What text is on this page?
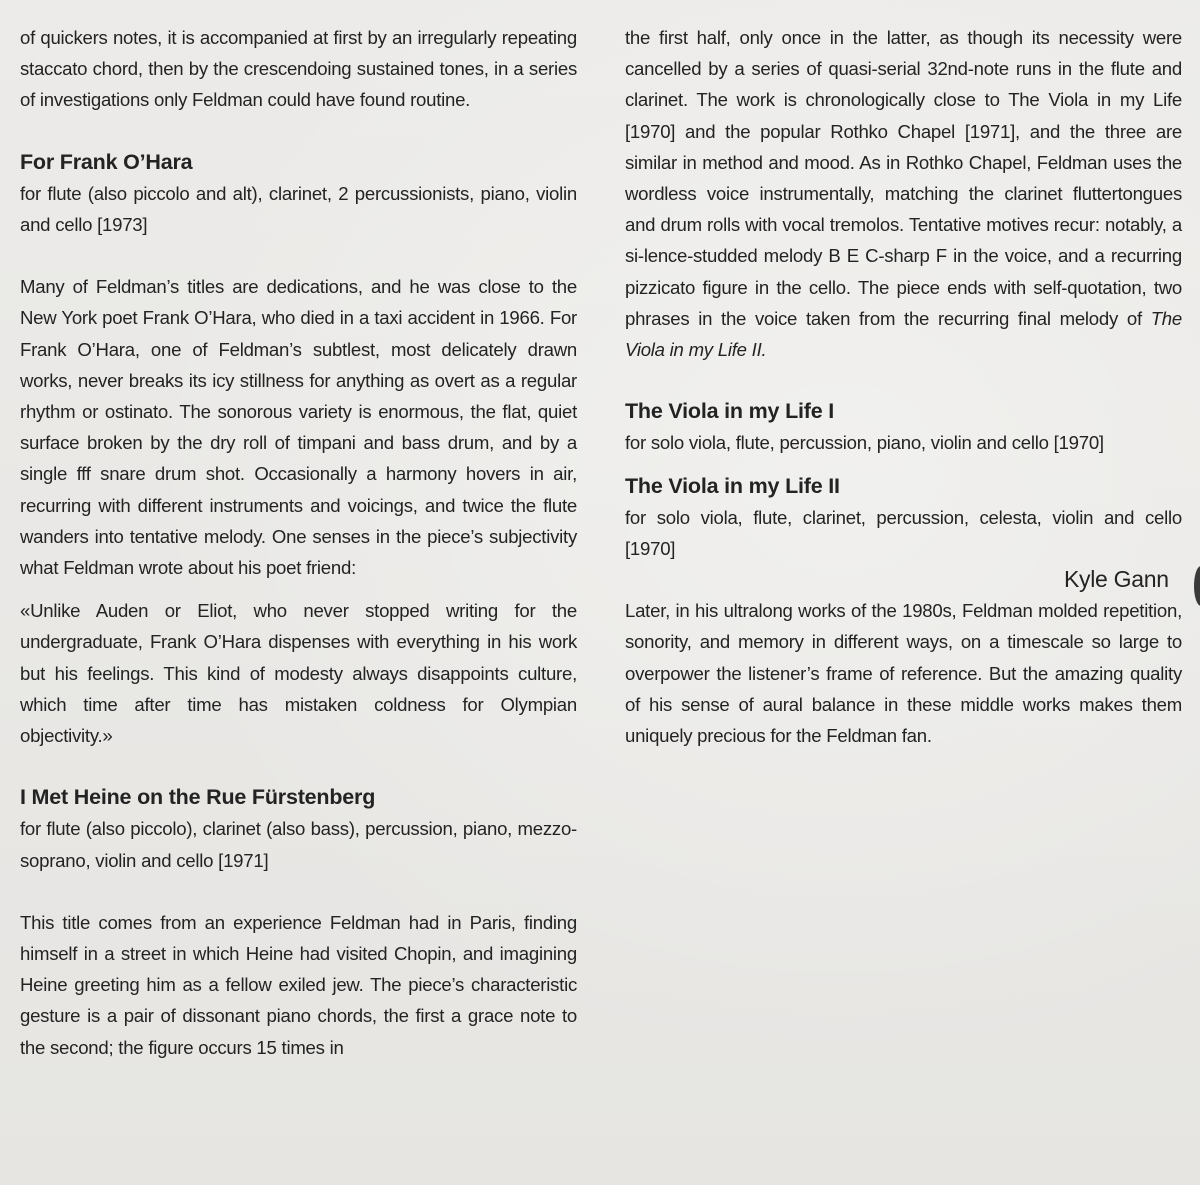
of quickers notes, it is accompanied at first by an irregularly repeating staccato chord, then by the crescendoing sustained tones, in a series of investigations only Feldman could have found routine.

For Frank O’Hara

for flute (also piccolo and alt), clarinet, 2 percussionists, piano, violin and cello [1973]

Many of Feldman’s titles are dedications, and he was close to the New York poet Frank O’Hara, who died in a taxi accident in 1966. For Frank O’Hara, one of Feldman’s subtlest, most delicately drawn works, never breaks its icy stillness for anything as overt as a regular rhythm or ostinato. The sonorous variety is enormous, the flat, quiet surface broken by the dry roll of timpani and bass drum, and by a single fff snare drum shot. Occasionally a harmony hovers in air, recurring with different instruments and voicings, and twice the flute wanders into tentative melody. One senses in the piece’s subjectivity what Feldman wrote about his poet friend:

«Unlike Auden or Eliot, who never stopped writing for the undergraduate, Frank O’Hara dispenses with everything in his work but his feelings. This kind of modesty always disappoints culture, which time after time has mistaken coldness for Olympian objectivity.»

I Met Heine on the Rue Fürstenberg

for flute (also piccolo), clarinet (also bass), percussion, piano, mezzo-soprano, violin and cello [1971]

This title comes from an experience Feldman had in Paris, finding himself in a street in which Heine had visited Chopin, and imagining Heine greeting him as a fellow exiled jew. The piece’s characteristic gesture is a pair of dissonant piano chords, the first a grace note to the second; the figure occurs 15 times in

the first half, only once in the latter, as though its necessity were cancelled by a series of quasi-serial 32nd-note runs in the flute and clarinet. The work is chronologically close to The Viola in my Life [1970] and the popular Rothko Chapel [1971], and the three are similar in method and mood. As in Rothko Chapel, Feldman uses the wordless voice instrumentally, matching the clarinet fluttertongues and drum rolls with vocal tremolos. Tentative motives recur: notably, a si-lence-studded melody B E C-sharp F in the voice, and a recurring pizzicato figure in the cello. The piece ends with self-quotation, two phrases in the voice taken from the recurring final melody of The Viola in my Life II.

The Viola in my Life I

for solo viola, flute, percussion, piano, violin and cello [1970]

The Viola in my Life II

for solo viola, flute, clarinet, percussion, celesta, violin and cello [1970]

Later, in his ultralong works of the 1980s, Feldman molded repetition, sonority, and memory in different ways, on a timescale so large to overpower the listener’s frame of reference. But the amazing quality of his sense of aural balance in these middle works makes them uniquely precious for the Feldman fan.

Kyle Gann
